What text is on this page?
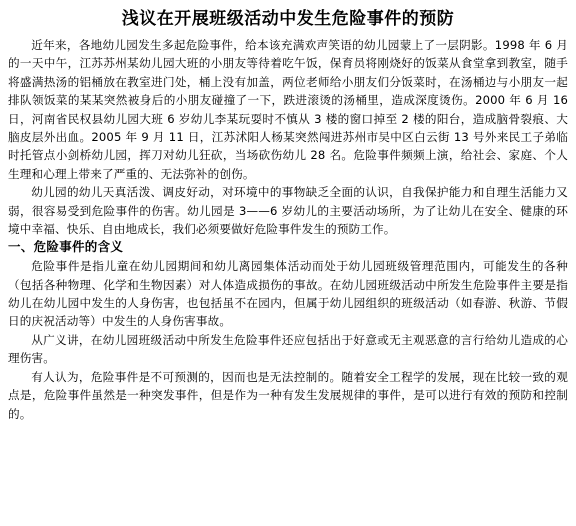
浅议在开展班级活动中发生危险事件的预防

近年来，各地幼儿园发生多起危险事件，给本该充满欢声笑语的幼儿园蒙上了一层阴影。1998 年 6 月的一天中午，江苏苏州某幼儿园大班的小朋友等待着吃午饭，保育员将刚烧好的饭菜从食堂拿到教室，随手将盛满热汤的铝桶放在教室进门处，桶上没有加盖，两位老师给小朋友们分饭菜时，在汤桶边与小朋友一起排队领饭菜的某某突然被身后的小朋友碰撞了一下，跌进滚烫的汤桶里，造成深度烫伤。2000 年 6 月 16 日，河南省民权县幼儿园大班 6 岁幼儿李某玩耍时不慎从 3 楼的窗口掉至 2 楼的阳台，造成脑骨裂痕、大脑皮层外出血。2005 年 9 月 11 日，江苏沭阳人杨某突然闯进苏州市吴中区白云街 13 号外来民工子弟临时托管点小剑桥幼儿园，挥刀对幼儿狂砍，当场砍伤幼儿 28 名。危险事件频频上演，给社会、家庭、个人生理和心理上带来了严重的、无法弥补的创伤。

幼儿园的幼儿天真活泼、调皮好动，对环境中的事物缺乏全面的认识，自我保护能力和自理生活能力又弱，很容易受到危险事件的伤害。幼儿园是 3——6 岁幼儿的主要活动场所，为了让幼儿在安全、健康的环境中幸福、快乐、自由地成长，我们必须要做好危险事件发生的预防工作。

一、危险事件的含义

危险事件是指儿童在幼儿园期间和幼儿离园集体活动而处于幼儿园班级管理范围内，可能发生的各种（包括各种物理、化学和生物因素）对人体造成损伤的事故。在幼儿园班级活动中所发生危险事件主要是指幼儿在幼儿园中发生的人身伤害，也包括虽不在园内，但属于幼儿园组织的班级活动（如春游、秋游、节假日的庆祝活动等）中发生的人身伤害事故。

从广义讲，在幼儿园班级活动中所发生危险事件还应包括出于好意或无主观恶意的言行给幼儿造成的心理伤害。

有人认为，危险事件是不可预测的，因而也是无法控制的。随着安全工程学的发展，现在比较一致的观点是，危险事件虽然是一种突发事件，但是作为一种有发生发展规律的事件，是可以进行有效的预防和控制的。
